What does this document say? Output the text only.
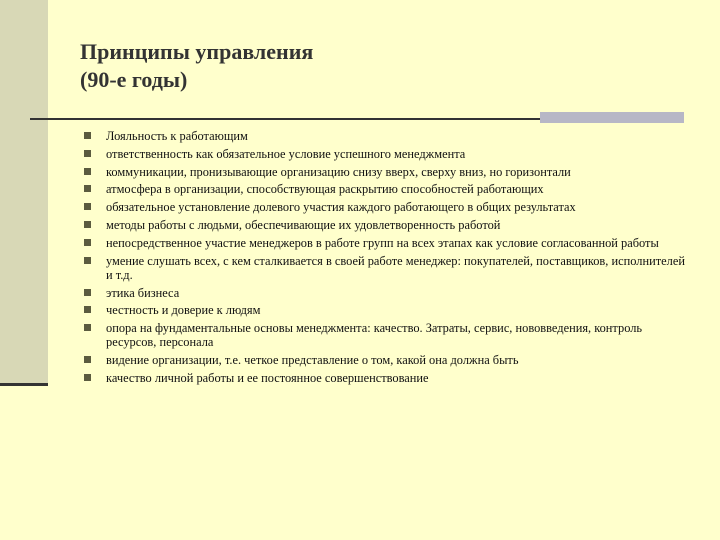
Принципы управления
(90-е годы)
Лояльность к работающим
ответственность как обязательное условие успешного менеджмента
коммуникации, пронизывающие организацию снизу вверх, сверху вниз, но горизонтали
атмосфера в организации, способствующая раскрытию способностей работающих
обязательное установление долевого участия каждого работающего в общих результатах
методы работы с людьми, обеспечивающие их удовлетворенность работой
непосредственное участие менеджеров в работе групп на всех этапах как условие согласованной работы
умение слушать всех, с кем сталкивается в своей работе менеджер: покупателей, поставщиков, исполнителей и т.д.
этика бизнеса
честность и доверие к людям
опора на фундаментальные основы менеджмента: качество. Затраты, сервис, нововведения, контроль ресурсов, персонала
видение организации, т.е. четкое представление о том, какой она должна быть
качество личной работы и ее постоянное совершенствование
